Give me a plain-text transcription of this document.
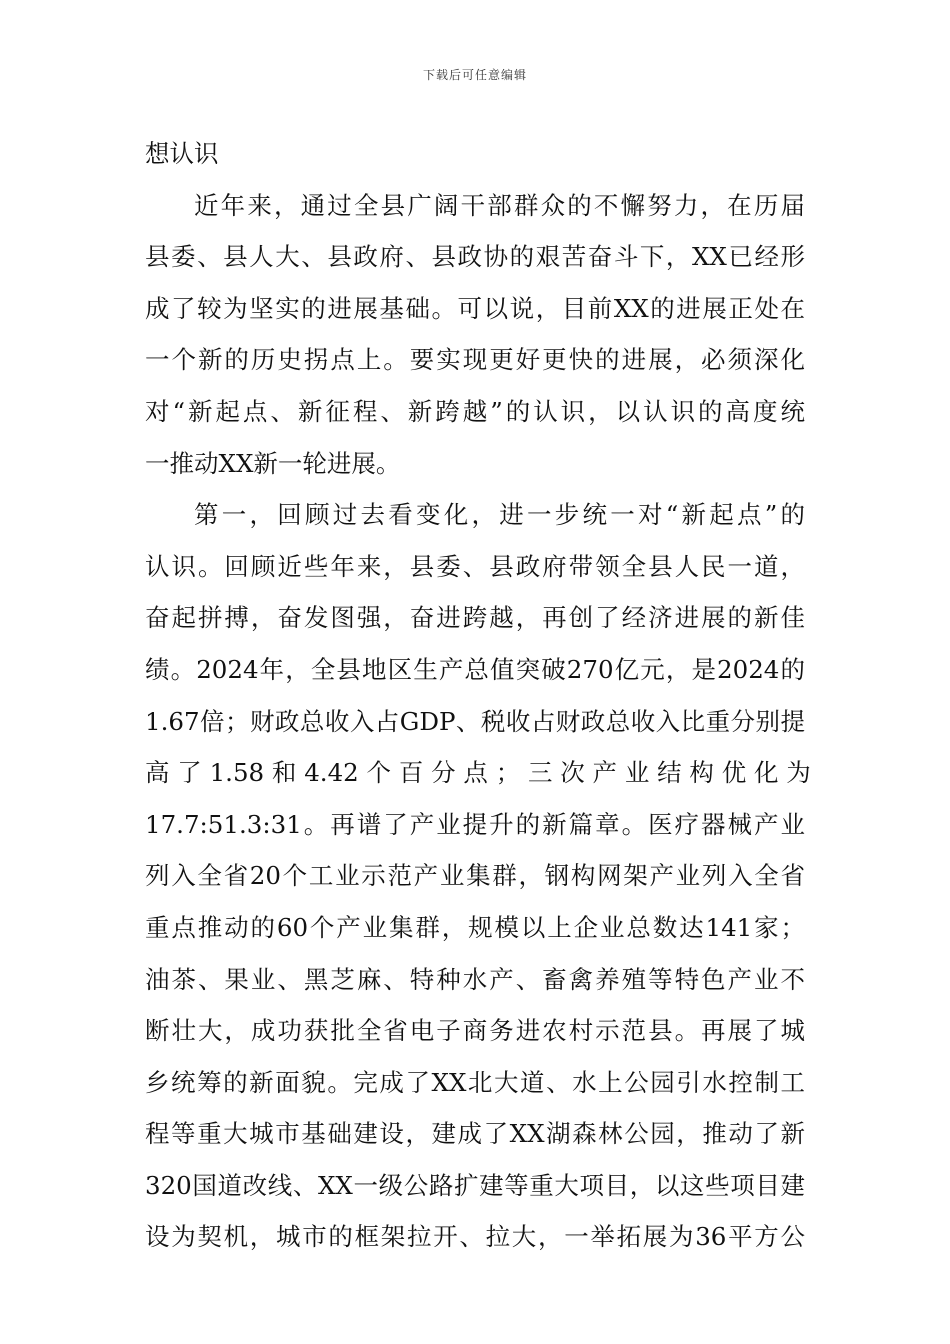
下载后可任意编辑
想认识
近年来，通过全县广阔干部群众的不懈努力，在历届
县委、县人大、县政府、县政协的艰苦奋斗下，XX已经形
成了较为坚实的进展基础。可以说，目前XX的进展正处在
一个新的历史拐点上。要实现更好更快的进展，必须深化
对“新起点、新征程、新跨越”的认识，以认识的高度统
一推动XX新一轮进展。
第一，回顾过去看变化，进一步统一对“新起点”的
认识。回顾近些年来，县委、县政府带领全县人民一道，
奋起拼搏，奋发图强，奋进跨越，再创了经济进展的新佳
绩。2024年，全县地区生产总值突破270亿元，是2024的
1.67倍；财政总收入占GDP、税收占财政总收入比重分别提
高 了 1.58 和 4.42 个 百 分 点 ； 三 次 产 业 结 构 优 化 为
17.7:51.3:31。再谱了产业提升的新篇章。医疗器械产业
列入全省20个工业示范产业集群，钢构网架产业列入全省
重点推动的60个产业集群，规模以上企业总数达141家；
油茶、果业、黑芝麻、特种水产、畜禽养殖等特色产业不
断壮大，成功获批全省电子商务进农村示范县。再展了城
乡统筹的新面貌。完成了XX北大道、水上公园引水控制工
程等重大城市基础建设，建成了XX湖森林公园，推动了新
320国道改线、XX一级公路扩建等重大项目，以这些项目建
设为契机，城市的框架拉开、拉大，一举拓展为36平方公
